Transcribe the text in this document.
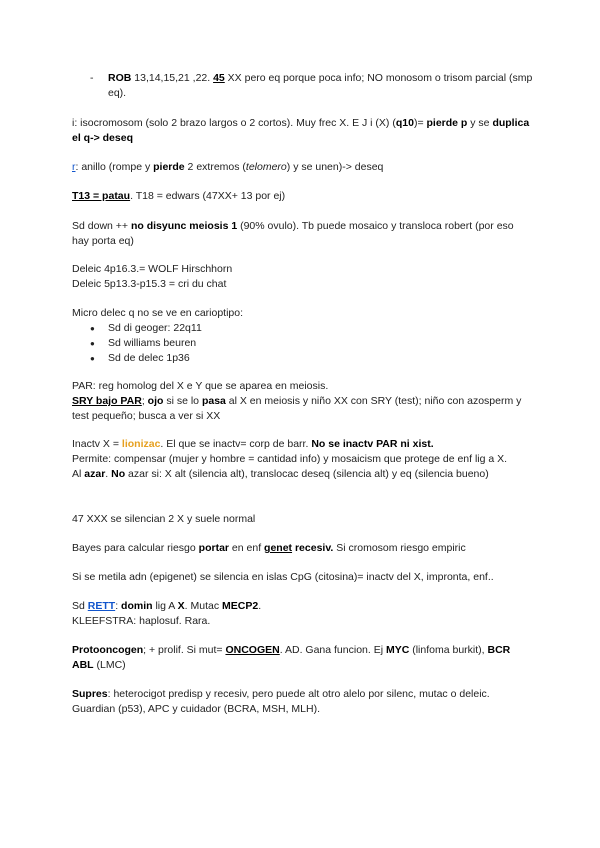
- ROB 13,14,15,21 ,22. 45 XX pero eq porque poca info; NO monosom o trisom parcial (smp eq).

i: isocromosom (solo 2 brazo largos o 2 cortos). Muy frec X. E J i (X) (q10)= pierde p y se duplica el q-> deseq

r: anillo (rompe y pierde 2 extremos (telomero) y se unen)-> deseq

T13 = patau. T18 = edwars (47XX+ 13 por ej)

Sd down ++ no disyunc meiosis 1 (90% ovulo). Tb puede mosaico y transloca robert (por eso hay porta eq)

Deleic 4p16.3.= WOLF Hirschhorn
Deleic 5p13.3-p15.3 = cri du chat

Micro delec q no se ve en carioptipo:

● Sd di geoger: 22q11
● Sd williams beuren
● Sd de delec 1p36

PAR: reg homolog del X e Y que se aparea en meiosis.
SRY bajo PAR; ojo si se lo pasa al X en meiosis y niño XX con SRY (test); niño con azosperm y test pequeño; busca a ver si XX

Inactv X = lionizac. El que se inactv= corp de barr. No se inactv PAR ni xist.
Permite: compensar (mujer y hombre = cantidad info) y mosaicism que protege de enf lig a X.
Al azar. No azar si: X alt (silencia alt), translocac deseq (silencia alt) y eq (silencia bueno)

47 XXX se silencian 2 X y suele normal

Bayes para calcular riesgo portar en enf genet recesiv. Si cromosom riesgo empiric

Si se metila adn (epigenet) se silencia en islas CpG (citosina)= inactv del X, impronta, enf..

Sd RETT: domin lig A X. Mutac MECP2.
KLEEFSTRA: haplosuf. Rara.

Protooncogen; + prolif. Si mut= ONCOGEN. AD. Gana funcion. Ej MYC (linfoma burkit), BCR ABL (LMC)

Supres: heterocigot predisp y recesiv, pero puede alt otro alelo por silenc, mutac o deleic. Guardian (p53), APC y cuidador (BCRA, MSH, MLH).
